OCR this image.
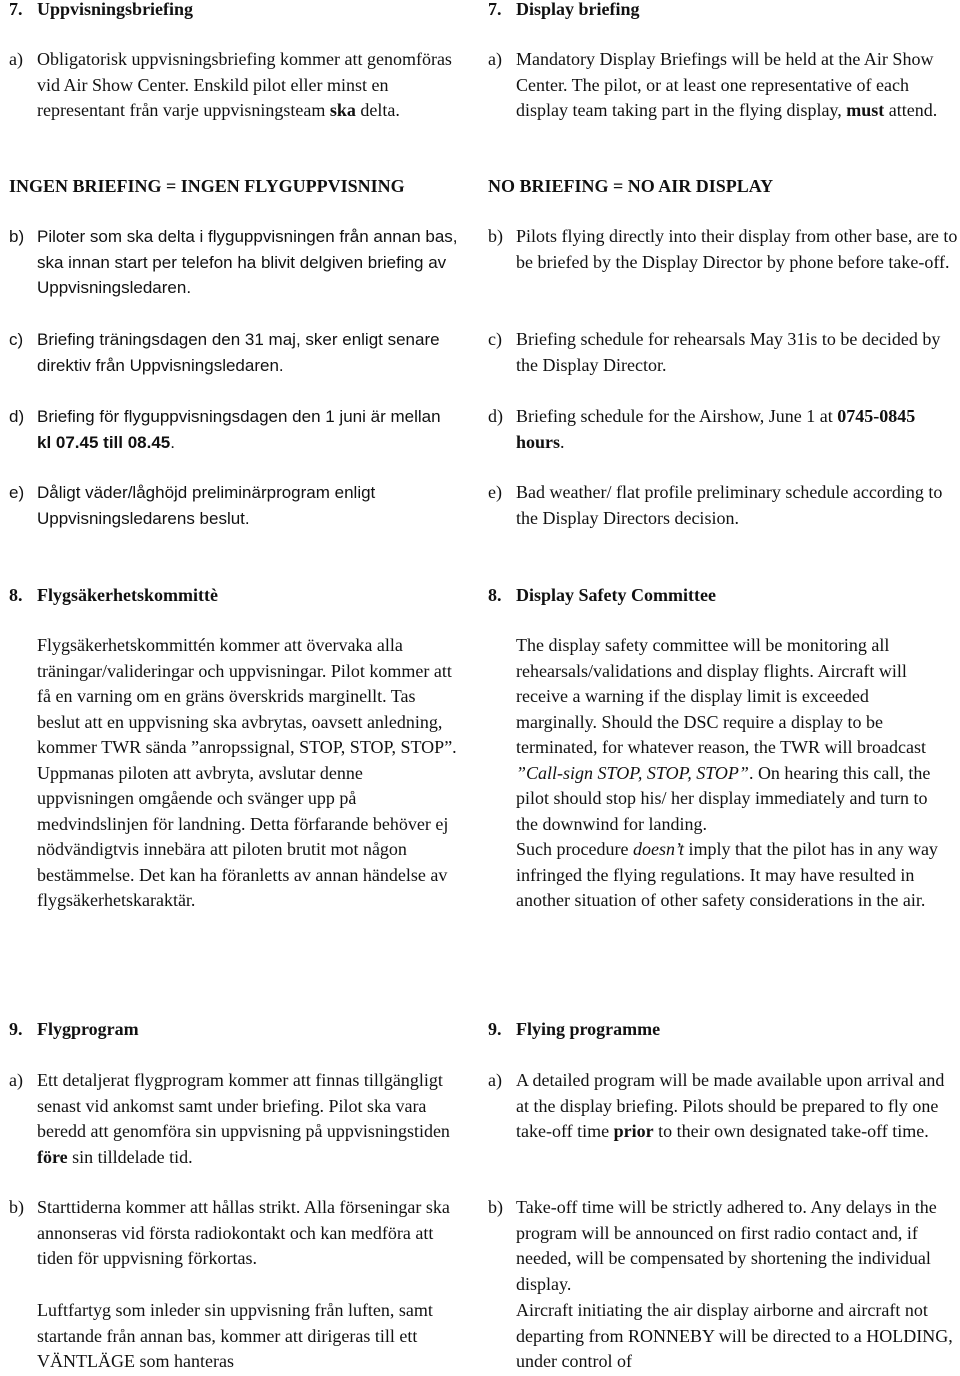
7. Uppvisningsbriefing
a) Obligatorisk uppvisningsbriefing kommer att genomföras vid Air Show Center. Enskild pilot eller minst en representant från varje uppvisningsteam ska delta.
INGEN BRIEFING = INGEN FLYGUPPVISNING
b) Piloter som ska delta i flyguppvisningen från annan bas, ska innan start per telefon ha blivit delgiven briefing av Uppvisningsledaren.
c) Briefing träningsdagen den 31 maj, sker enligt senare direktiv från Uppvisningsledaren.
d) Briefing för flyguppvisningsdagen den 1 juni är mellan kl 07.45 till 08.45.
e) Dåligt väder/låghöjd preliminärprogram enligt Uppvisningsledarens beslut.
8. Flygsäkerhetskommittè
Flygsäkerhetskommittén kommer att övervaka alla träningar/valideringar och uppvisningar. Pilot kommer att få en varning om en gräns överskrids marginellt. Tas beslut att en uppvisning ska avbrytas, oavsett anledning, kommer TWR sända ”anropssignal, STOP, STOP, STOP”. Uppmanas piloten att avbryta, avslutar denne uppvisningen omgående och svänger upp på medvindslinjen för landning. Detta förfarande behöver ej nödvändigtvis innebära att piloten brutit mot någon bestämmelse. Det kan ha föranletts av annan händelse av flygsäkerhetskaraktär.
9. Flygprogram
a) Ett detaljerat flygprogram kommer att finnas tillgängligt senast vid ankomst samt under briefing. Pilot ska vara beredd att genomföra sin uppvisning på uppvisningstiden före sin tilldelade tid.
b) Starttiderna kommer att hållas strikt. Alla förseningar ska annonseras vid första radiokontakt och kan medföra att tiden för uppvisning förkortas.
Luftfartyg som inleder sin uppvisning från luften, samt startande från annan bas, kommer att dirigeras till ett VÄNTLÄGE som hanteras
7. Display briefing
a) Mandatory Display Briefings will be held at the Air Show Center. The pilot, or at least one representative of each display team taking part in the flying display, must attend.
NO BRIEFING = NO AIR DISPLAY
b) Pilots flying directly into their display from other base, are to be briefed by the Display Director by phone before take-off.
c) Briefing schedule for rehearsals May 31is to be decided by the Display Director.
d) Briefing schedule for the Airshow, June 1 at 0745-0845 hours.
e) Bad weather/ flat profile preliminary schedule according to the Display Directors decision.
8. Display Safety Committee
The display safety committee will be monitoring all rehearsals/validations and display flights. Aircraft will receive a warning if the display limit is exceeded marginally. Should the DSC require a display to be terminated, for whatever reason, the TWR will broadcast ”Call-sign STOP, STOP, STOP”. On hearing this call, the pilot should stop his/ her display immediately and turn to the downwind for landing.
Such procedure doesn’t imply that the pilot has in any way infringed the flying regulations. It may have resulted in another situation of other safety considerations in the air.
9. Flying programme
a) A detailed program will be made available upon arrival and at the display briefing. Pilots should be prepared to fly one take-off time prior to their own designated take-off time.
b) Take-off time will be strictly adhered to. Any delays in the program will be announced on first radio contact and, if needed, will be compensated by shortening the individual display.
Aircraft initiating the air display airborne and aircraft not departing from RONNEBY will be directed to a HOLDING, under control of
